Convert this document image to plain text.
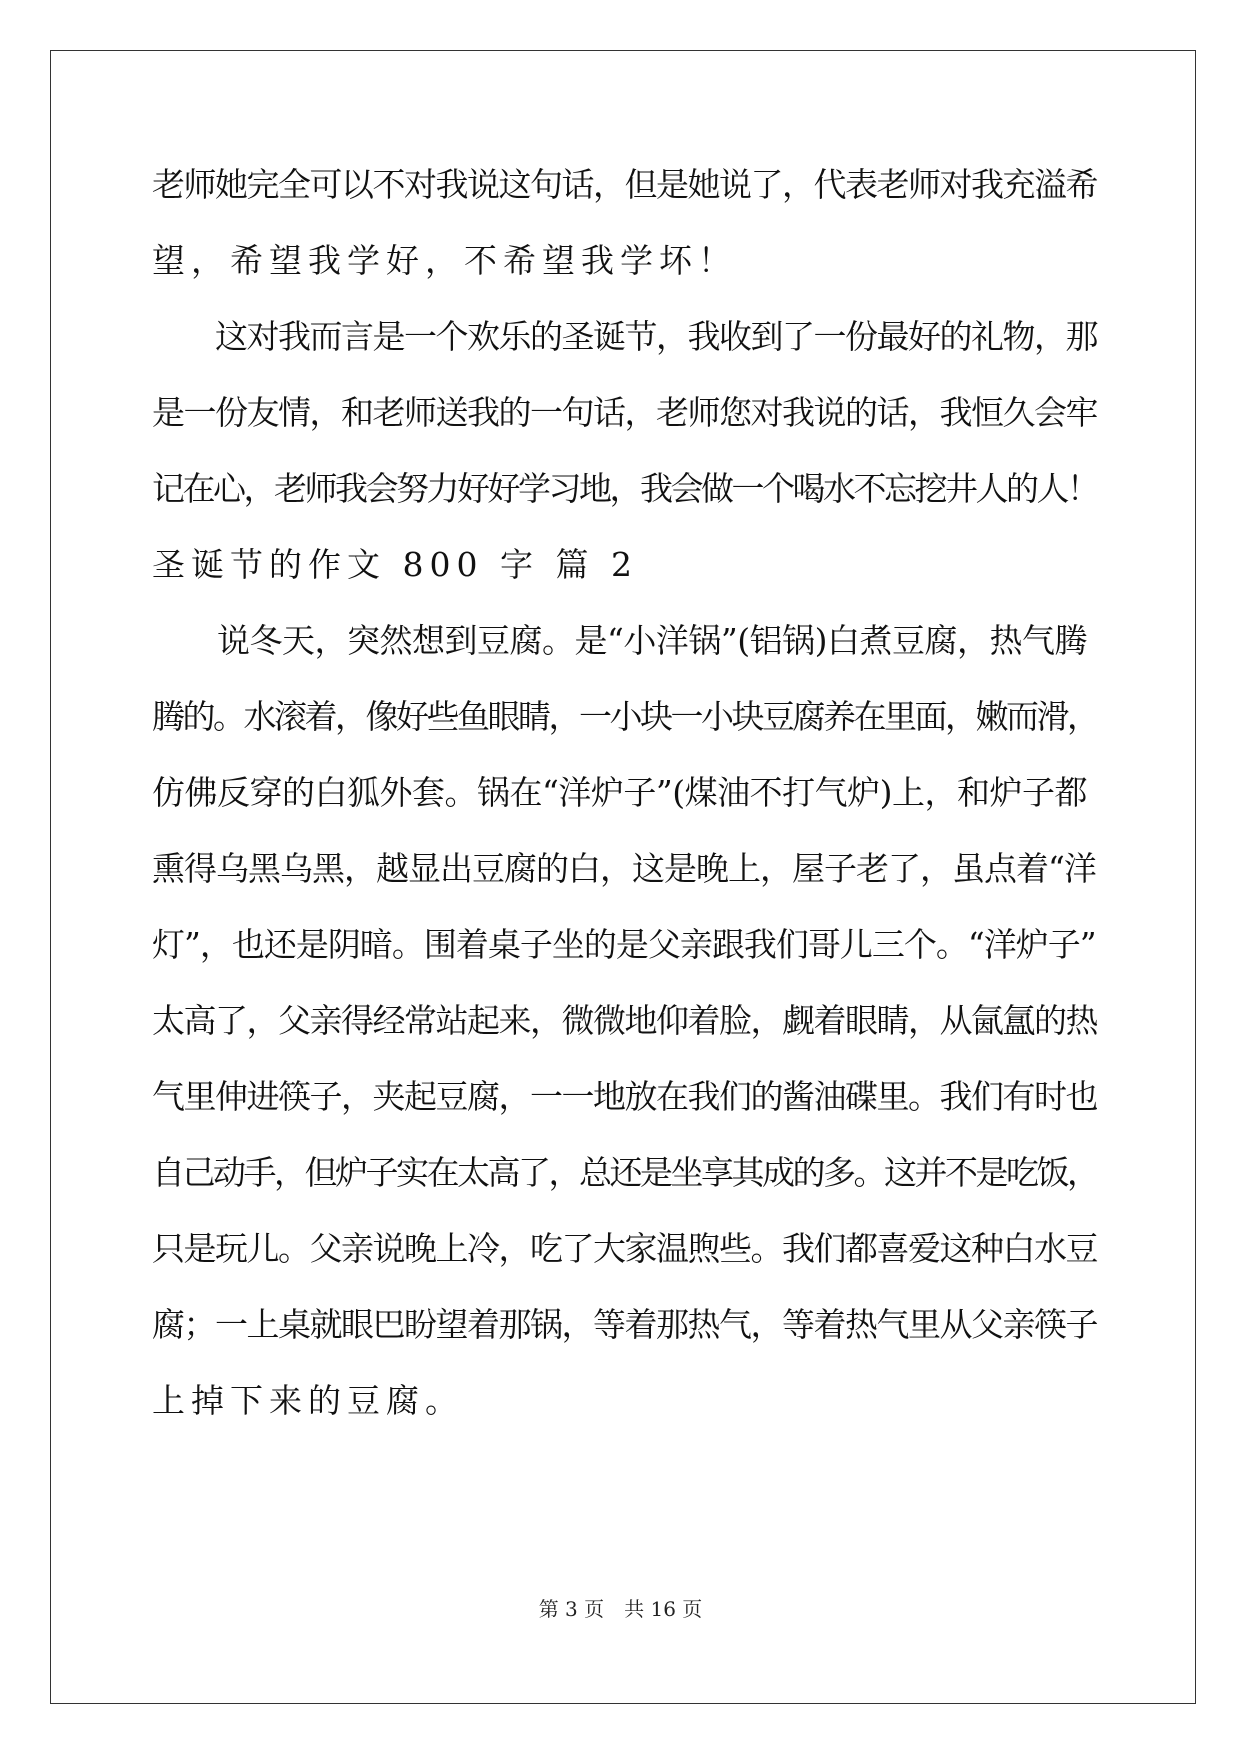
老师她完全可以不对我说这句话，但是她说了，代表老师对我充溢希
望，希望我学好，不希望我学坏！
　　这对我而言是一个欢乐的圣诞节，我收到了一份最好的礼物，那
是一份友情，和老师送我的一句话，老师您对我说的话，我恒久会牢
记在心，老师我会努力好好学习地，我会做一个喝水不忘挖井人的人！
圣诞节的作文 800 字 篇 2
　　说冬天，突然想到豆腐。是“小洋锅”(铝锅)白煮豆腐，热气腾
腾的。水滚着，像好些鱼眼睛，一小块一小块豆腐养在里面，嫩而滑，
仿佛反穿的白狐外套。锅在“洋炉子”(煤油不打气炉)上，和炉子都
熏得乌黑乌黑，越显出豆腐的白，这是晚上，屋子老了，虽点着“洋
灯”，也还是阴暗。围着桌子坐的是父亲跟我们哥儿三个。“洋炉子”
太高了，父亲得经常站起来，微微地仰着脸，觑着眼睛，从氤氲的热
气里伸进筷子，夹起豆腐，一一地放在我们的酱油碟里。我们有时也
自己动手，但炉子实在太高了，总还是坐享其成的多。这并不是吃饭，
只是玩儿。父亲说晚上冷，吃了大家温煦些。我们都喜爱这种白水豆
腐；一上桌就眼巴盼望着那锅，等着那热气，等着热气里从父亲筷子
上掉下来的豆腐。
第 3 页　共 16 页
